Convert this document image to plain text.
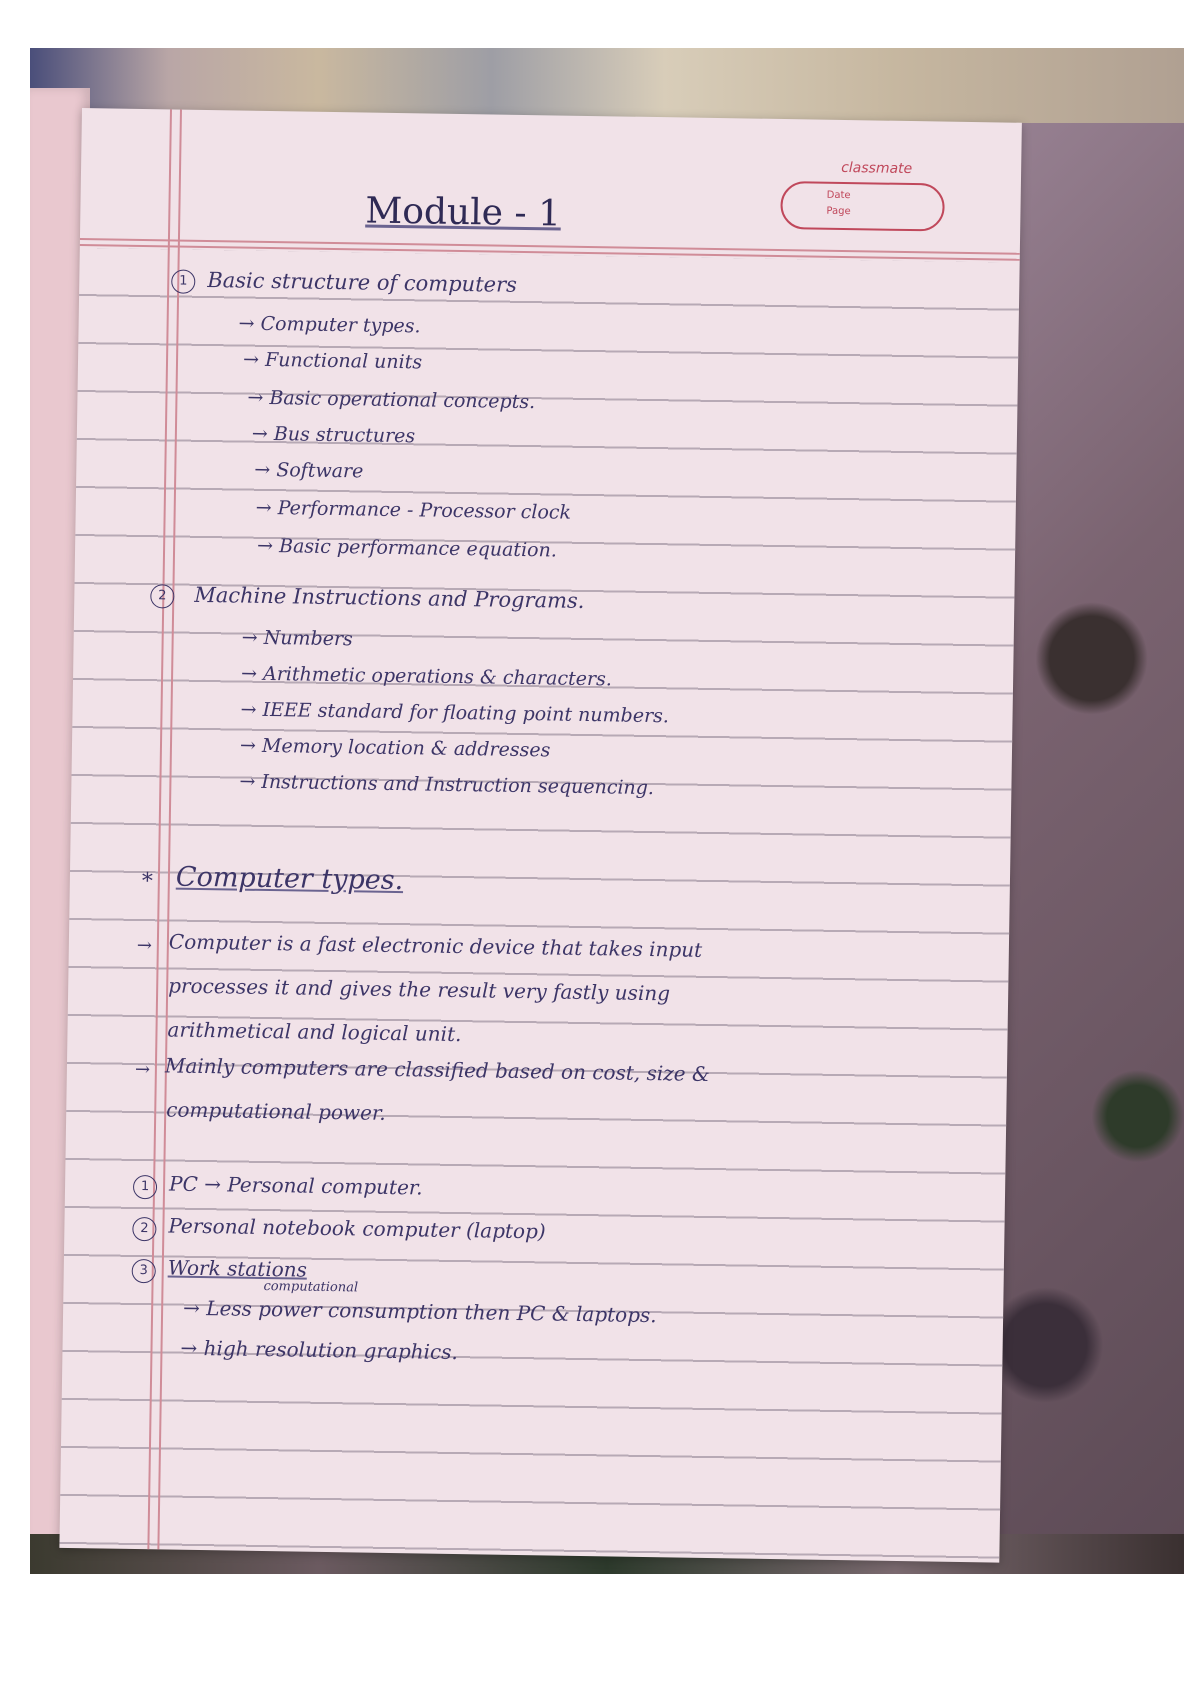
classmate
Date
Page
Module - 1
1 Basic structure of computers
→ Computer types.
→ Functional units
→ Basic operational concepts.
→ Bus structures
→ Software
→ Performance - Processor clock
→ Basic performance equation.
2	Machine Instructions and Programs.
→ Numbers
→ Arithmetic operations & characters.
→ IEEE standard for floating point numbers.
→ Memory location & addresses
→ Instructions and Instruction sequencing.
* Computer types.
→ Computer is a fast electronic device that takes input
processes it and gives the result very fastly using
arithmetical and logical unit.
→ Mainly computers are classified based on cost, size &
computational power.
1 PC → Personal computer.
2 Personal notebook computer (laptop)
3 Work stations
computational
→ Less power consumption then PC & laptops.
→ high resolution graphics.
